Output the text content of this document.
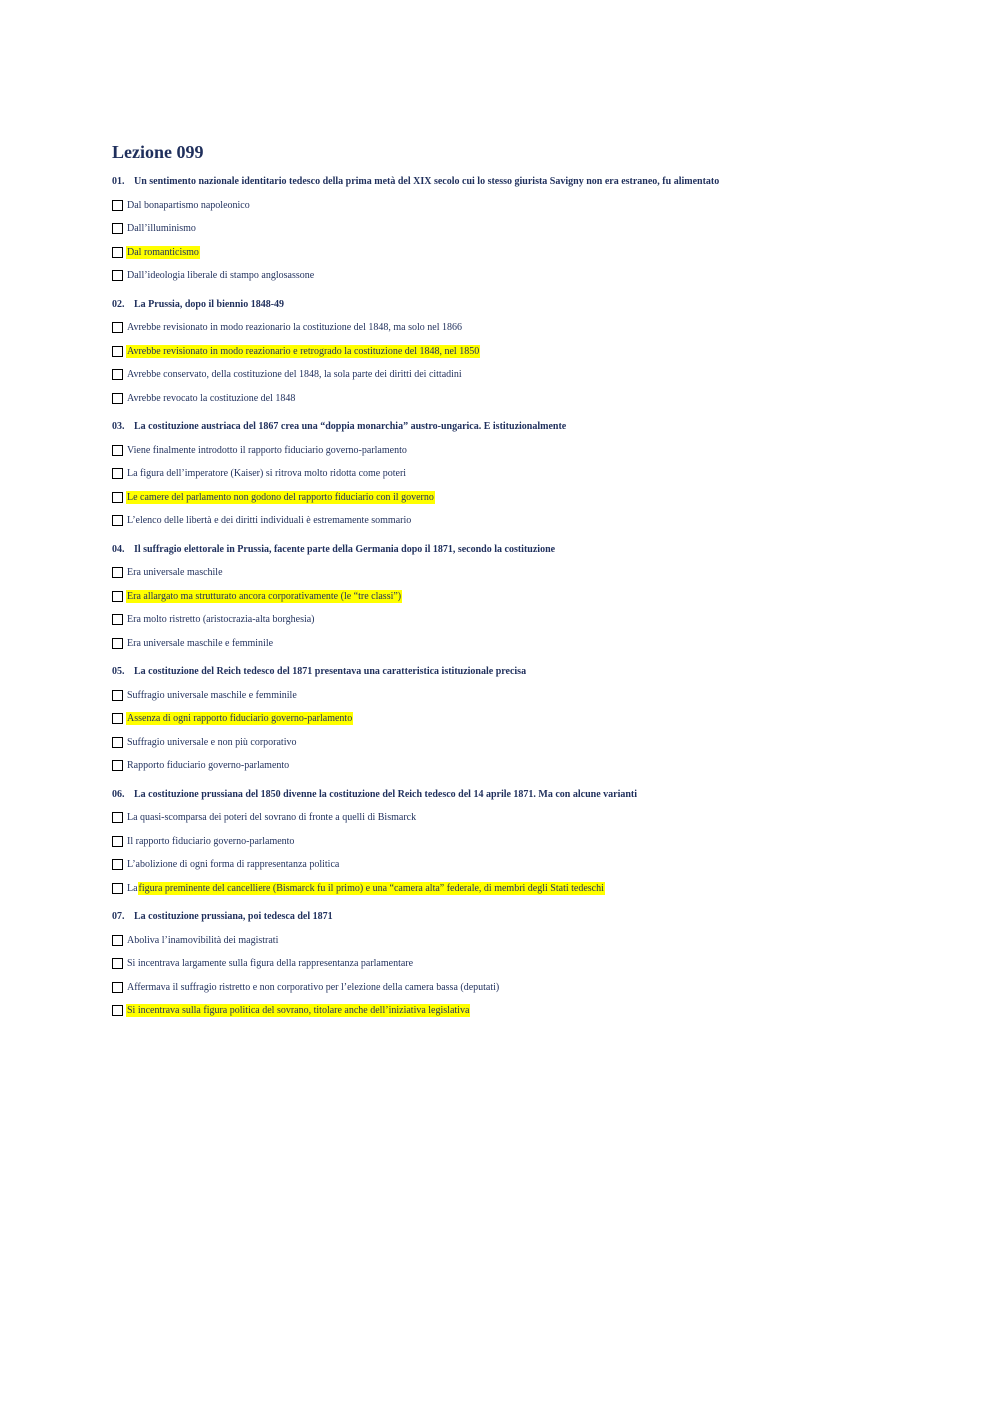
Lezione 099
01. Un sentimento nazionale identitario tedesco della prima metà del XIX secolo cui lo stesso giurista Savigny non era estraneo, fu alimentato
Dal bonapartismo napoleonico
Dall’illuminismo
Dal romanticismo
Dall’ideologia liberale di stampo anglosassone
02. La Prussia, dopo il biennio 1848-49
Avrebbe revisionato in modo reazionario la costituzione del 1848, ma solo nel 1866
Avrebbe revisionato in modo reazionario e retrogrado la costituzione del 1848, nel 1850
Avrebbe conservato, della costituzione del 1848, la sola parte dei diritti dei cittadini
Avrebbe revocato la costituzione del 1848
03. La costituzione austriaca del 1867 crea una “doppia monarchia” austro-ungarica. E istituzionalmente
Viene finalmente introdotto il rapporto fiduciario governo-parlamento
La figura dell’imperatore (Kaiser) si ritrova molto ridotta come poteri
Le camere del parlamento non godono del rapporto fiduciario con il governo
L’elenco delle libertà e dei diritti individuali è estremamente sommario
04. Il suffragio elettorale in Prussia, facente parte della Germania dopo il 1871, secondo la costituzione
Era universale maschile
Era allargato ma strutturato ancora corporativamente (le “tre classi”)
Era molto ristretto (aristocrazia-alta borghesia)
Era universale maschile e femminile
05. La costituzione del Reich tedesco del 1871 presentava una caratteristica istituzionale precisa
Suffragio universale maschile e femminile
Assenza di ogni rapporto fiduciario governo-parlamento
Suffragio universale e non più corporativo
Rapporto fiduciario governo-parlamento
06. La costituzione prussiana del 1850 divenne la costituzione del Reich tedesco del 14 aprile 1871. Ma con alcune varianti
La quasi-scomparsa dei poteri del sovrano di fronte a quelli di Bismarck
Il rapporto fiduciario governo-parlamento
L’abolizione di ogni forma di rappresentanza politica
La figura preminente del cancelliere (Bismarck fu il primo) e una “camera alta” federale, di membri degli Stati tedeschi
07. La costituzione prussiana, poi tedesca del 1871
Aboliva l’inamovibilità dei magistrati
Si incentrava largamente sulla figura della rappresentanza parlamentare
Affermava il suffragio ristretto e non corporativo per l’elezione della camera bassa (deputati)
Si incentrava sulla figura politica del sovrano, titolare anche dell’iniziativa legislativa
